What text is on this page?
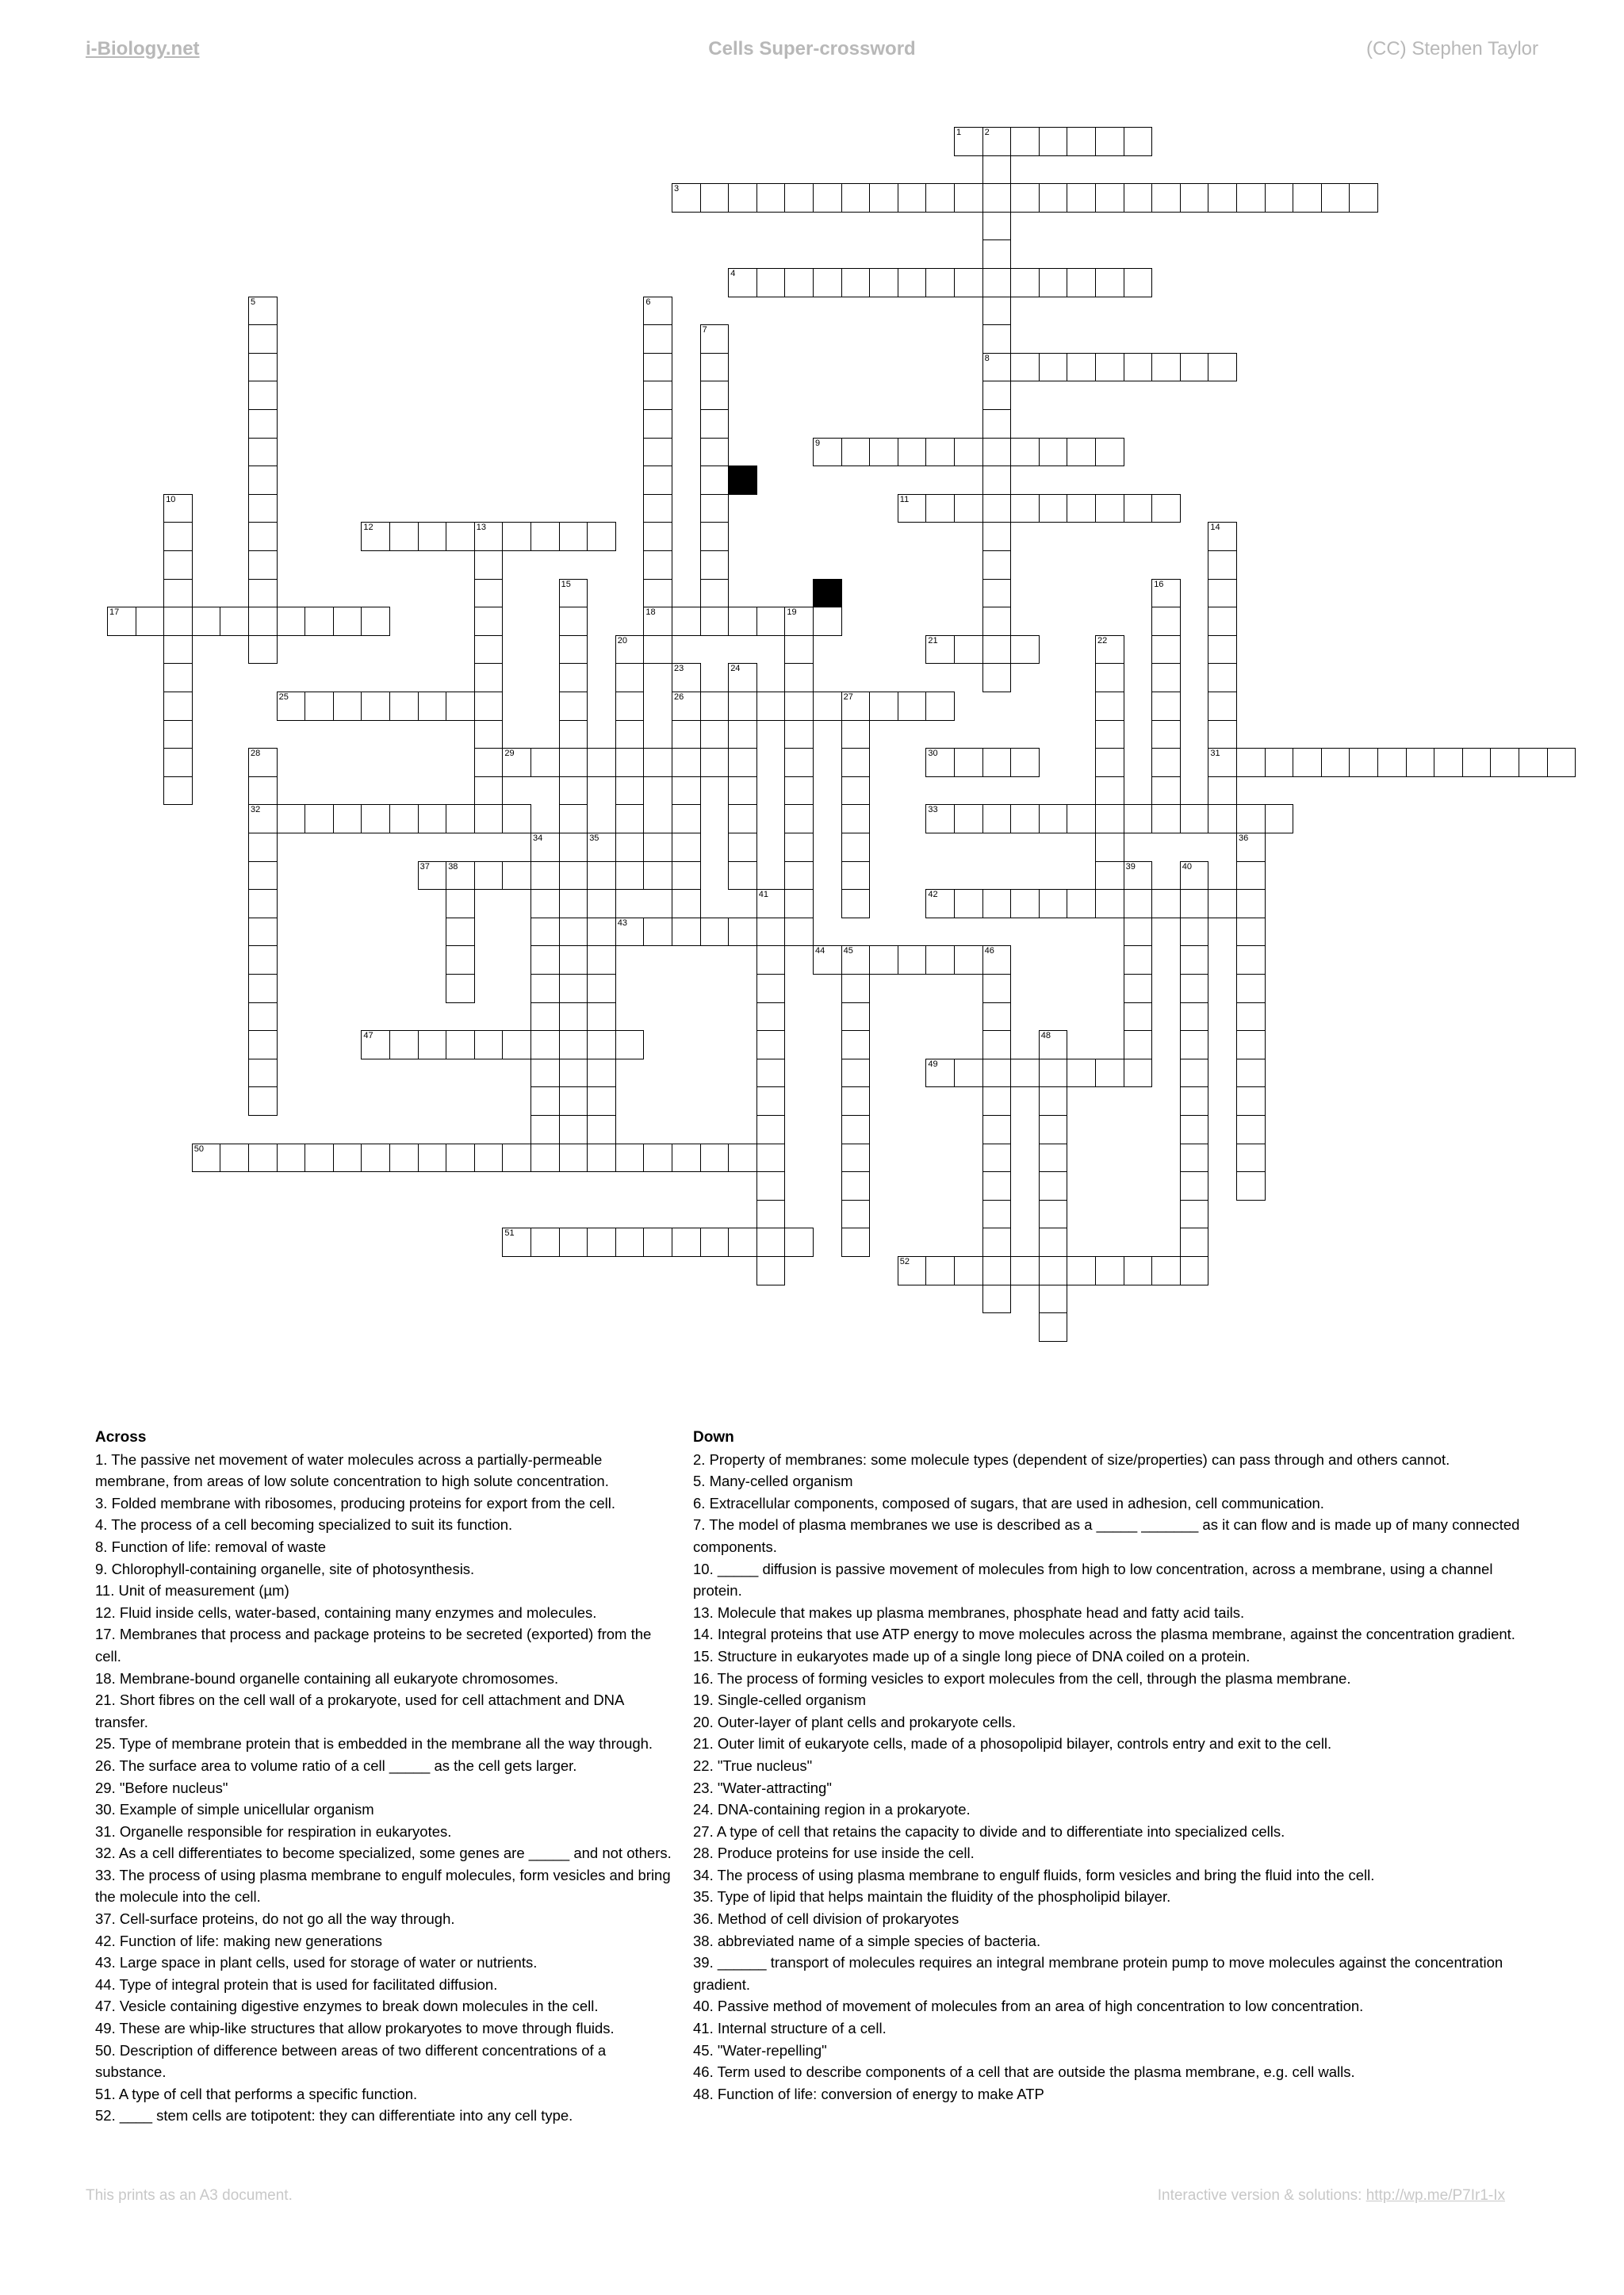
i-Biology.net	Cells Super-crossword	(CC) Stephen Taylor
1	2
3
4
8
9
11
12	13
17	18	19
21
25	26	27
29	30	31
32	33
34	35
37 38
42
43
44 45	46
47
49
50
51
52
5	6
7
10
14
15	16
20	22
23	24
28
36
39	40
41
48
Across
1. The passive net movement of water molecules across a partially-permeable membrane, from areas of low solute concentration to high solute concentration.
3. Folded membrane with ribosomes, producing proteins for export from the cell.
4. The process of a cell becoming specialized to suit its function.
8. Function of life: removal of waste
9. Chlorophyll-containing organelle, site of photosynthesis.
11. Unit of measurement (µm)
12. Fluid inside cells, water-based, containing many enzymes and molecules.
17. Membranes that process and package proteins to be secreted (exported) from the cell.
18. Membrane-bound organelle containing all eukaryote chromosomes.
21. Short fibres on the cell wall of a prokaryote, used for cell attachment and DNA transfer.
25. Type of membrane protein that is embedded in the membrane all the way through.
26. The surface area to volume ratio of a cell _____ as the cell gets larger.
29. "Before nucleus"
30. Example of simple unicellular organism
31. Organelle responsible for respiration in eukaryotes.
32. As a cell differentiates to become specialized, some genes are _____ and not others.
33. The process of using plasma membrane to engulf molecules, form vesicles and bring the molecule into the cell.
37. Cell-surface proteins, do not go all the way through.
42. Function of life: making new generations
43. Large space in plant cells, used for storage of water or nutrients.
44. Type of integral protein that is used for facilitated diffusion.
47. Vesicle containing digestive enzymes to break down molecules in the cell.
49. These are whip-like structures that allow prokaryotes to move through fluids.
50. Description of difference between areas of two different concentrations of a substance.
51. A type of cell that performs a specific function.
52. ____ stem cells are totipotent: they can differentiate into any cell type.
Down
2. Property of membranes: some molecule types (dependent of size/properties) can pass through and others cannot.
5. Many-celled organism
6. Extracellular components, composed of sugars, that are used in adhesion, cell communication.
7. The model of plasma membranes we use is described as a _____ _______ as it can flow and is made up of many connected components.
10. _____ diffusion is passive movement of molecules from high to low concentration, across a membrane, using a channel protein.
13. Molecule that makes up plasma membranes, phosphate head and fatty acid tails.
14. Integral proteins that use ATP energy to move molecules across the plasma membrane, against the concentration gradient.
15. Structure in eukaryotes made up of a single long piece of DNA coiled on a protein.
16. The process of forming vesicles to export molecules from the cell, through the plasma membrane.
19. Single-celled organism
20. Outer-layer of plant cells and prokaryote cells.
21. Outer limit of eukaryote cells, made of a phosopolipid bilayer, controls entry and exit to the cell.
22. "True nucleus"
23. "Water-attracting"
24. DNA-containing region in a prokaryote.
27. A type of cell that retains the capacity to divide and to differentiate into specialized cells.
28. Produce proteins for use inside the cell.
34. The process of using plasma membrane to engulf fluids, form vesicles and bring the fluid into the cell.
35. Type of lipid that helps maintain the fluidity of the phospholipid bilayer.
36. Method of cell division of prokaryotes
38. abbreviated name of a simple species of bacteria.
39. ______ transport of molecules requires an integral membrane protein pump to move molecules against the concentration gradient.
40. Passive method of movement of molecules from an area of high concentration to low concentration.
41. Internal structure of a cell.
45. "Water-repelling"
46. Term used to describe components of a cell that are outside the plasma membrane, e.g. cell walls.
48. Function of life: conversion of energy to make ATP
This prints as an A3 document.	Interactive version & solutions: http://wp.me/P7Ir1-Ix
